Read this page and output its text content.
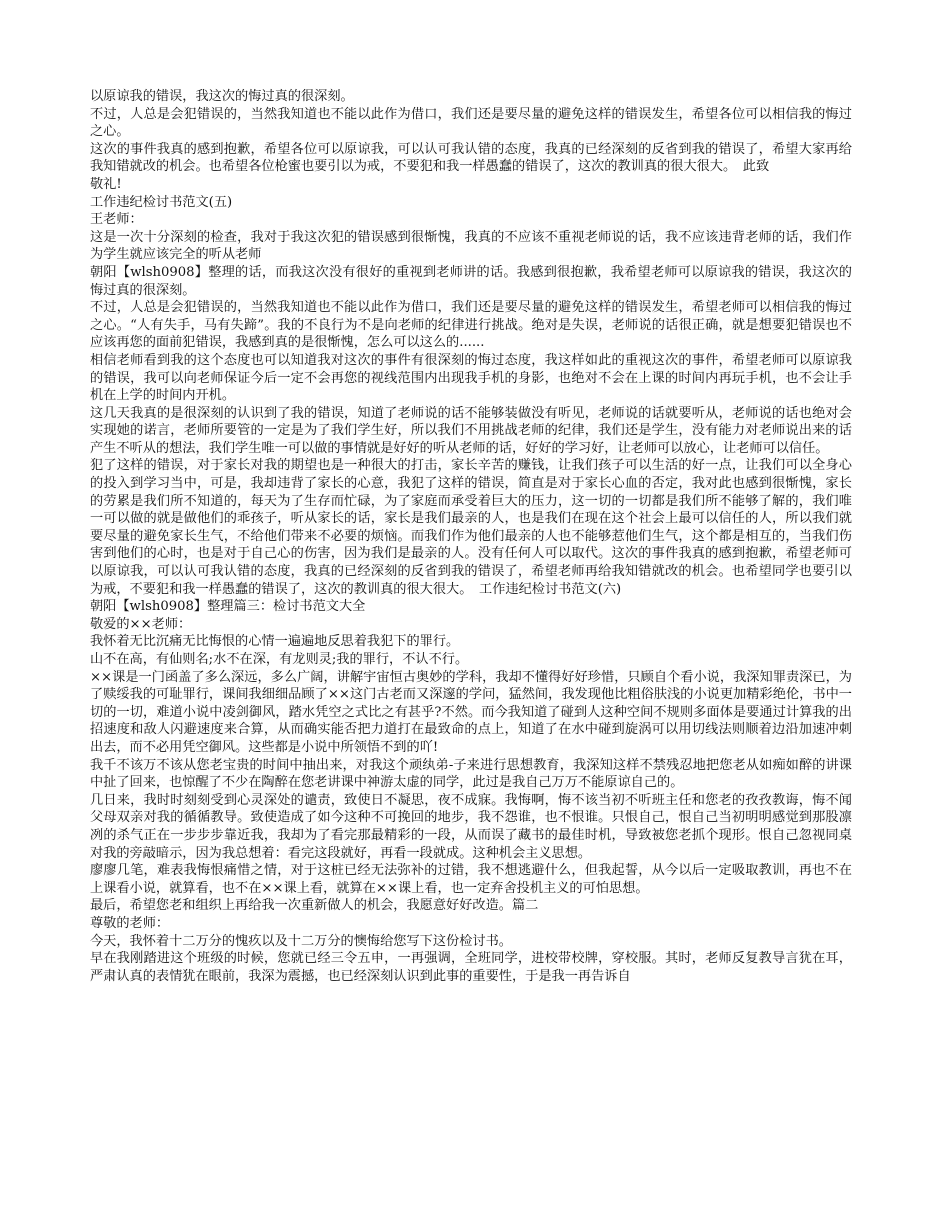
以原谅我的错误，我这次的悔过真的很深刻。

不过，人总是会犯错误的，当然我知道也不能以此作为借口，我们还是要尽量的避免这样的错误发生，希望各位可以相信我的悔过之心。

这次的事件我真的感到抱歉，希望各位可以原谅我，可以认可我认错的态度，我真的已经深刻的反省到我的错误了，希望大家再给我知错就改的机会。也希望各位枪蜜也要引以为戒，不要犯和我一样愚蠢的错误了，这次的教训真的很大很大。　此致

敬礼!

工作违纪检讨书范文(五)

王老师：

这是一次十分深刻的检查，我对于我这次犯的错误感到很惭愧，我真的不应该不重视老师说的话，我不应该违背老师的话，我们作为学生就应该完全的听从老师

朝阳【wlsh0908】整理的话，而我这次没有很好的重视到老师讲的话。我感到很抱歉，我希望老师可以原谅我的错误，我这次的悔过真的很深刻。

不过，人总是会犯错误的，当然我知道也不能以此作为借口，我们还是要尽量的避免这样的错误发生，希望老师可以相信我的悔过之心。“人有失手，马有失蹄”。我的不良行为不是向老师的纪律进行挑战。绝对是失误，老师说的话很正确，就是想要犯错误也不应该再您的面前犯错误，我感到真的是很惭愧，怎么可以这么的......

相信老师看到我的这个态度也可以知道我对这次的事件有很深刻的悔过态度，我这样如此的重视这次的事件，希望老师可以原谅我的错误，我可以向老师保证今后一定不会再您的视线范围内出现我手机的身影，也绝对不会在上课的时间内再玩手机，也不会让手机在上学的时间内开机。

这几天我真的是很深刻的认识到了我的错误，知道了老师说的话不能够装做没有听见，老师说的话就要听从，老师说的话也绝对会实现她的诺言，老师所要管的一定是为了我们学生好，所以我们不用挑战老师的纪律，我们还是学生，没有能力对老师说出来的话产生不听从的想法，我们学生唯一可以做的事情就是好好的听从老师的话，好好的学习好，让老师可以放心，让老师可以信任。

犯了这样的错误，对于家长对我的期望也是一种很大的打击，家长辛苦的赚钱，让我们孩子可以生活的好一点，让我们可以全身心的投入到学习当中，可是，我却违背了家长的心意，我犯了这样的错误，简直是对于家长心血的否定，我对此也感到很惭愧，家长的劳累是我们所不知道的，每天为了生存而忙碌，为了家庭而承受着巨大的压力，这一切的一切都是我们所不能够了解的，我们唯一可以做的就是做他们的乖孩子，听从家长的话，家长是我们最亲的人，也是我们在现在这个社会上最可以信任的人，所以我们就要尽量的避免家长生气，不给他们带来不必要的烦恼。而我们作为他们最亲的人也不能够惹他们生气，这个都是相互的，当我们伤害到他们的心时，也是对于自己心的伤害，因为我们是最亲的人。没有任何人可以取代。这次的事件我真的感到抱歉，希望老师可以原谅我，可以认可我认错的态度，我真的已经深刻的反省到我的错误了，希望老师再给我知错就改的机会。也希望同学也要引以为戒，不要犯和我一样愚蠢的错误了，这次的教训真的很大很大。　工作违纪检讨书范文(六)

朝阳【wlsh0908】整理篇三：检讨书范文大全

敬爱的××老师：

我怀着无比沉痛无比悔恨的心情一遍遍地反思着我犯下的罪行。

山不在高，有仙则名;水不在深，有龙则灵;我的罪行，不认不行。

××课是一门函盖了多么深远，多么广阔，讲解宇宙恒古奥妙的学科，我却不懂得好好珍惜，只顾自个看小说，我深知罪责深已，为了赎绥我的可耻罪行，课间我细细品顾了××这门古老而又深邃的学问，猛然间，我发现他比粗俗肤浅的小说更加精彩绝伦，书中一切的一切，难道小说中凌剑御风，踏水凭空之式比之有甚乎?不然。而今我知道了碰到人这种空间不规则多面体是要通过计算我的出招速度和敌人闪避速度来合算，从而确实能否把力道打在最致命的点上，知道了在水中碰到旋涡可以用切线法则顺着边沿加速冲刺出去，而不必用凭空御风。这些都是小说中所领悟不到的吖!

我千不该万不该从您老宝贵的时间中抽出来，对我这个顽纨弟-子来进行思想教育，我深知这样不禁残忍地把您老从如痴如醉的讲课中扯了回来，也惊醒了不少在陶醉在您老讲课中神游太虚的同学，此过是我自己万万不能原谅自己的。

几日来，我时时刻刻受到心灵深处的谴责，致使日不凝思，夜不成寐。我悔啊，悔不该当初不听班主任和您老的孜孜教诲，悔不闻父母双亲对我的循循教导。致使造成了如今这种不可挽回的地步，我不怨谁，也不恨谁。只恨自己，恨自己当初明明感觉到那股凛冽的杀气正在一步步步靠近我，我却为了看完那最精彩的一段，从而误了藏书的最佳时机，导致被您老抓个现形。恨自己忽视同桌对我的旁敲暗示，因为我总想着：看完这段就好，再看一段就成。这种机会主义思想。

廖廖几笔，难表我悔恨痛惜之情，对于这桩已经无法弥补的过错，我不想逃避什么，但我起誓，从今以后一定吸取教训，再也不在上课看小说，就算看，也不在××课上看，就算在××课上看，也一定弃舍投机主义的可怕思想。

最后，希望您老和组织上再给我一次重新做人的机会，我愿意好好改造。篇二

尊敬的老师：

今天，我怀着十二万分的愧疚以及十二万分的懊悔给您写下这份检讨书。

早在我刚踏进这个班级的时候，您就已经三令五申，一再强调，全班同学，进校带校牌，穿校服。其时，老师反复教导言犹在耳，严肃认真的表情犹在眼前，我深为震撼，也已经深刻认识到此事的重要性，于是我一再告诉自
